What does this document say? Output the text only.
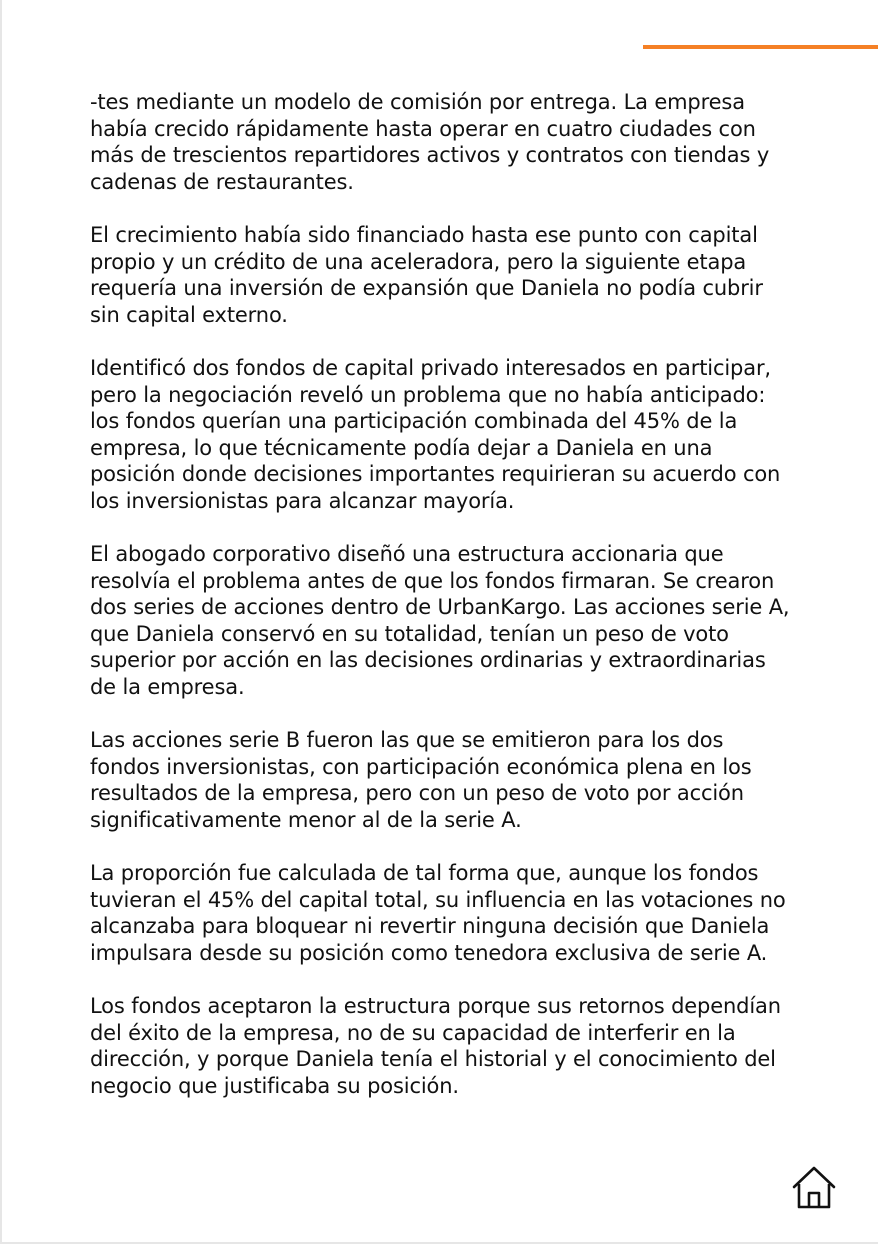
-tes mediante un modelo de comisión por entrega. La empresa había crecido rápidamente hasta operar en cuatro ciudades con más de trescientos repartidores activos y contratos con tiendas y cadenas de restaurantes.

El crecimiento había sido financiado hasta ese punto con capital propio y un crédito de una aceleradora, pero la siguiente etapa requería una inversión de expansión que Daniela no podía cubrir sin capital externo.

Identificó dos fondos de capital privado interesados en participar, pero la negociación reveló un problema que no había anticipado: los fondos querían una participación combinada del 45% de la empresa, lo que técnicamente podía dejar a Daniela en una posición donde decisiones importantes requirieran su acuerdo con los inversionistas para alcanzar mayoría.

El abogado corporativo diseñó una estructura accionaria que resolvía el problema antes de que los fondos firmaran. Se crearon dos series de acciones dentro de UrbanKargo. Las acciones serie A, que Daniela conservó en su totalidad, tenían un peso de voto superior por acción en las decisiones ordinarias y extraordinarias de la empresa.

Las acciones serie B fueron las que se emitieron para los dos fondos inversionistas, con participación económica plena en los resultados de la empresa, pero con un peso de voto por acción significativamente menor al de la serie A.

La proporción fue calculada de tal forma que, aunque los fondos tuvieran el 45% del capital total, su influencia en las votaciones no alcanzaba para bloquear ni revertir ninguna decisión que Daniela impulsara desde su posición como tenedora exclusiva de serie A.

Los fondos aceptaron la estructura porque sus retornos dependían del éxito de la empresa, no de su capacidad de interferir en la dirección, y porque Daniela tenía el historial y el conocimiento del negocio que justificaba su posición.
